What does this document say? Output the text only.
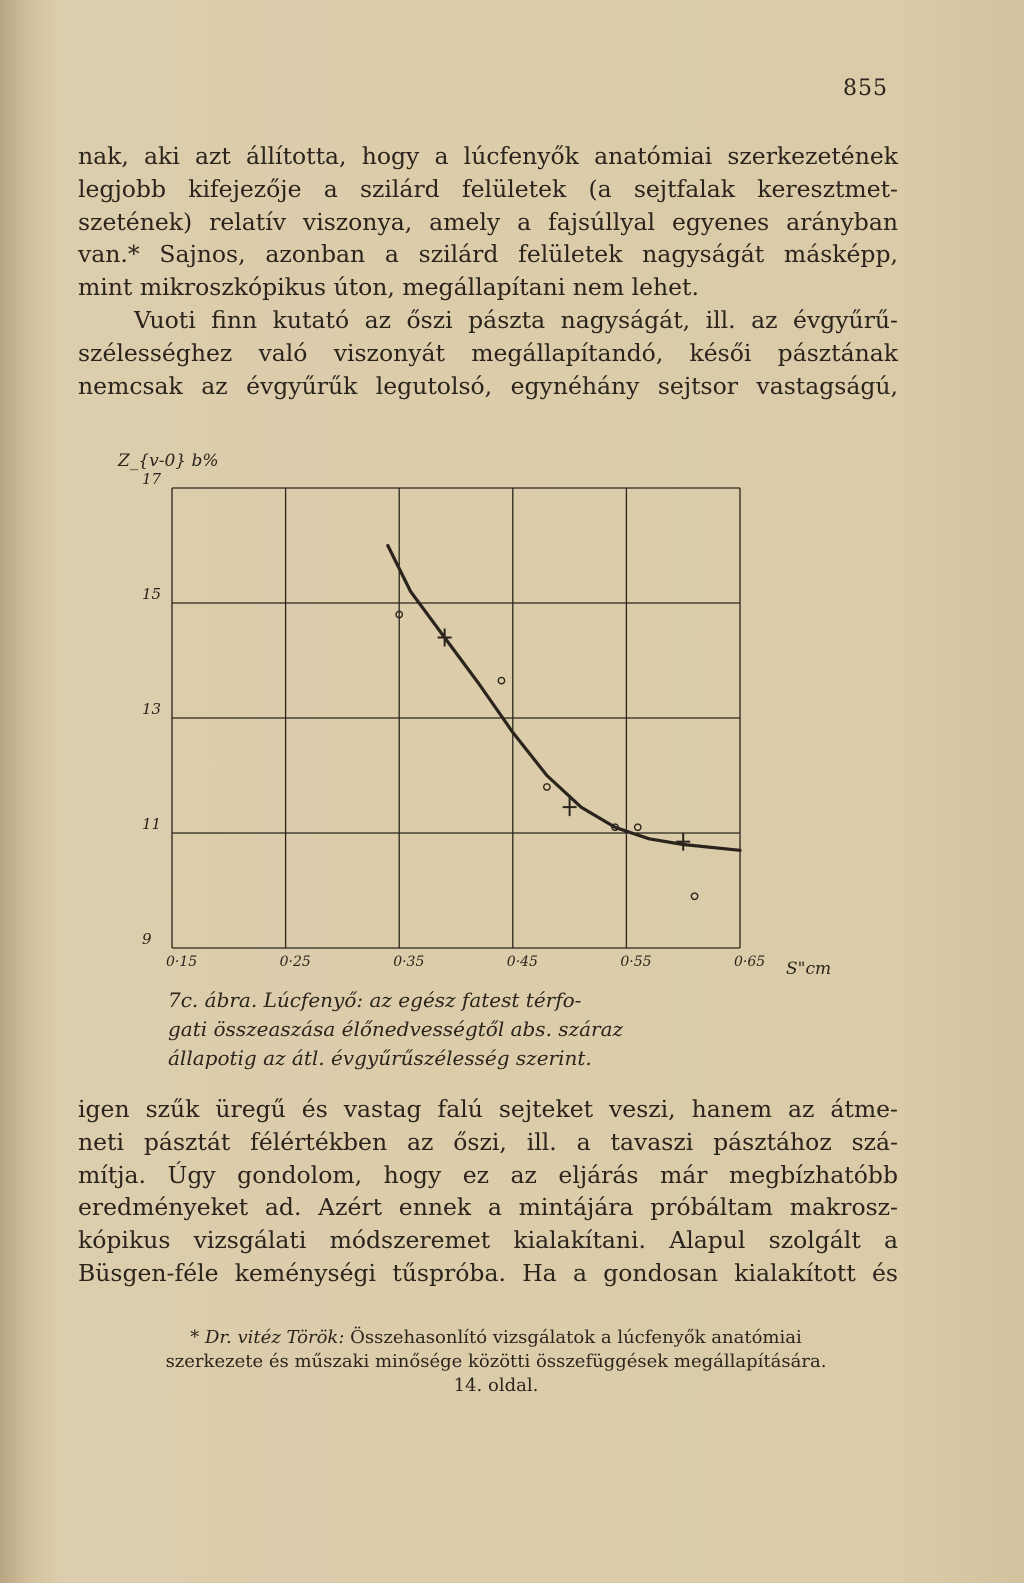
855
nak, aki azt állította, hogy a lúcfenyők anatómiai szerkezetének
legjobb kifejezője a szilárd felületek (a sejtfalak keresztmet-
szetének) relatív viszonya, amely a fajsúllyal egyenes arányban
van.* Sajnos, azonban a szilárd felületek nagyságát másképp,
mint mikroszkópikus úton, megállapítani nem lehet.
Vuoti finn kutató az őszi pászta nagyságát, ill. az évgyűrű-
szélességhez való viszonyát megállapítandó, késői pásztának
nemcsak az évgyűrűk legutolsó, egynéhány sejtsor vastagságú,
17
15
13
11
9
0·15	0·25	0·35	0·45	0·55	0·65
Z_{v-0} b%
S"cm
7c. ábra. Lúcfenyő: az egész fatest térfo-
gati összeaszása élőnedvességtől abs. száraz
állapotig az átl. évgyűrűszélesség szerint.
igen szűk üregű és vastag falú sejteket veszi, hanem az átme-
neti pásztát félértékben az őszi, ill. a tavaszi pásztához szá-
mítja. Úgy gondolom, hogy ez az eljárás már megbízhatóbb
eredményeket ad. Azért ennek a mintájára próbáltam makrosz-
kópikus vizsgálati módszeremet kialakítani. Alapul szolgált a
Büsgen-féle keménységi tűspróba. Ha a gondosan kialakított és
* Dr. vitéz Török: Összehasonlító vizsgálatok a lúcfenyők anatómiai
szerkezete és műszaki minősége közötti összefüggések megállapítására.
14. oldal.
